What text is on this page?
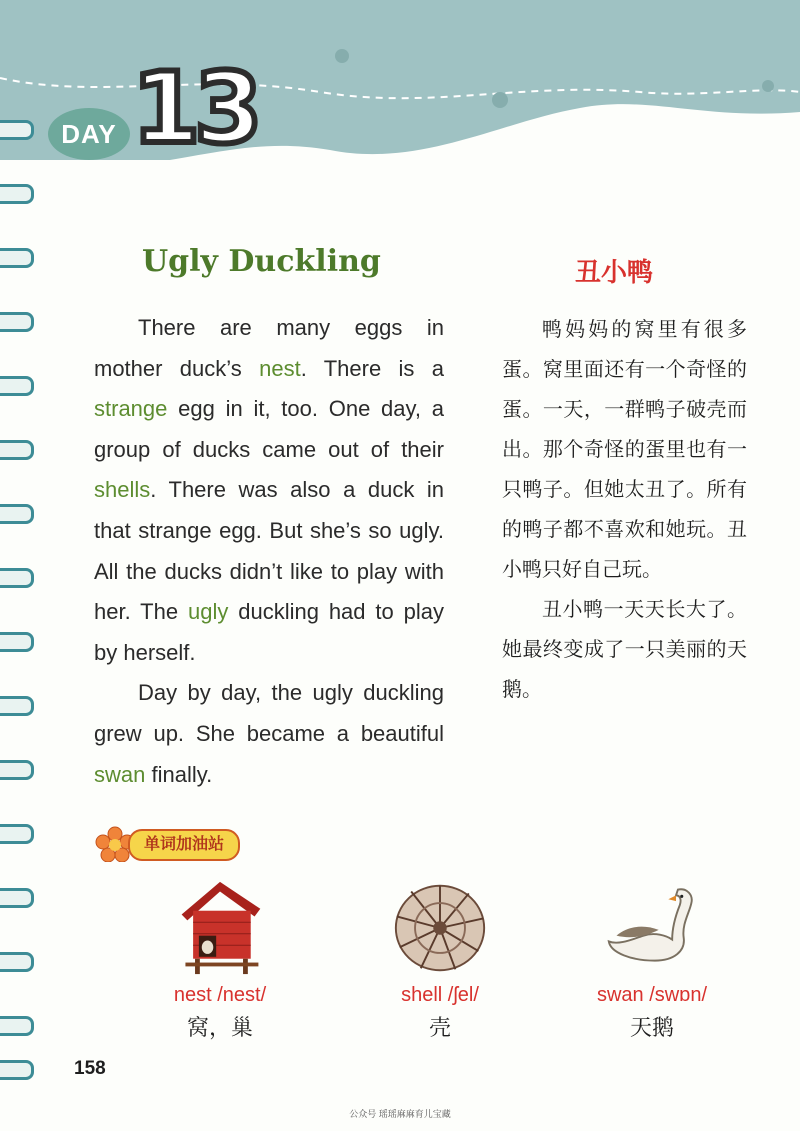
DAY 13
Ugly Duckling	丑小鸭

There are many eggs in mother duck’s nest. There is a strange egg in it, too. One day, a group of ducks came out of their shells. There was also a duck in that strange egg. But she’s so ugly. All the ducks didn’t like to play with her. The ugly duckling had to play by herself.

Day by day, the ugly duckling grew up. She became a beautiful swan finally.

鸭妈妈的窝里有很多蛋。窝里面还有一个奇怪的蛋。一天，一群鸭子破壳而出。那个奇怪的蛋里也有一只鸭子。但她太丑了。所有的鸭子都不喜欢和她玩。丑小鸭只好自己玩。

丑小鸭一天天长大了。她最终变成了一只美丽的天鹅。

单词加油站
nest /nest/
窝，巢
shell /ʃel/
壳
swan /swɒn/
天鹅
158
公众号 瑶瑶麻麻育儿宝藏
